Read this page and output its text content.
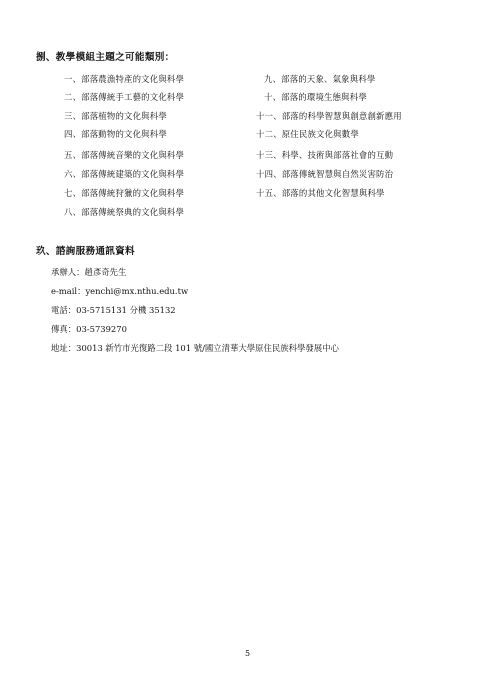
捌、教學模組主題之可能類別：
一、部落農漁特產的文化與科學
二、部落傳統手工藝的文化科學
三、部落植物的文化與科學
四、部落動物的文化與科學
五、部落傳統音樂的文化與科學
六、部落傳統建築的文化與科學
七、部落傳統狩獵的文化與科學
八、部落傳統祭典的文化與科學
九、部落的天象、氣象與科學
十、部落的環境生態與科學
十一、部落的科學智慧與創意創新應用
十二、原住民族文化與數學
十三、科學、技術與部落社會的互動
十四、部落傳統智慧與自然災害防治
十五、部落的其他文化智慧與科學
玖、諮詢服務通訊資料
承辦人：趙彥奇先生
e-mail：yenchi@mx.nthu.edu.tw
電話：03-5715131 分機 35132
傳真：03-5739270
地址：30013 新竹市光復路二段 101 號/國立清華大學原住民族科學發展中心
5
